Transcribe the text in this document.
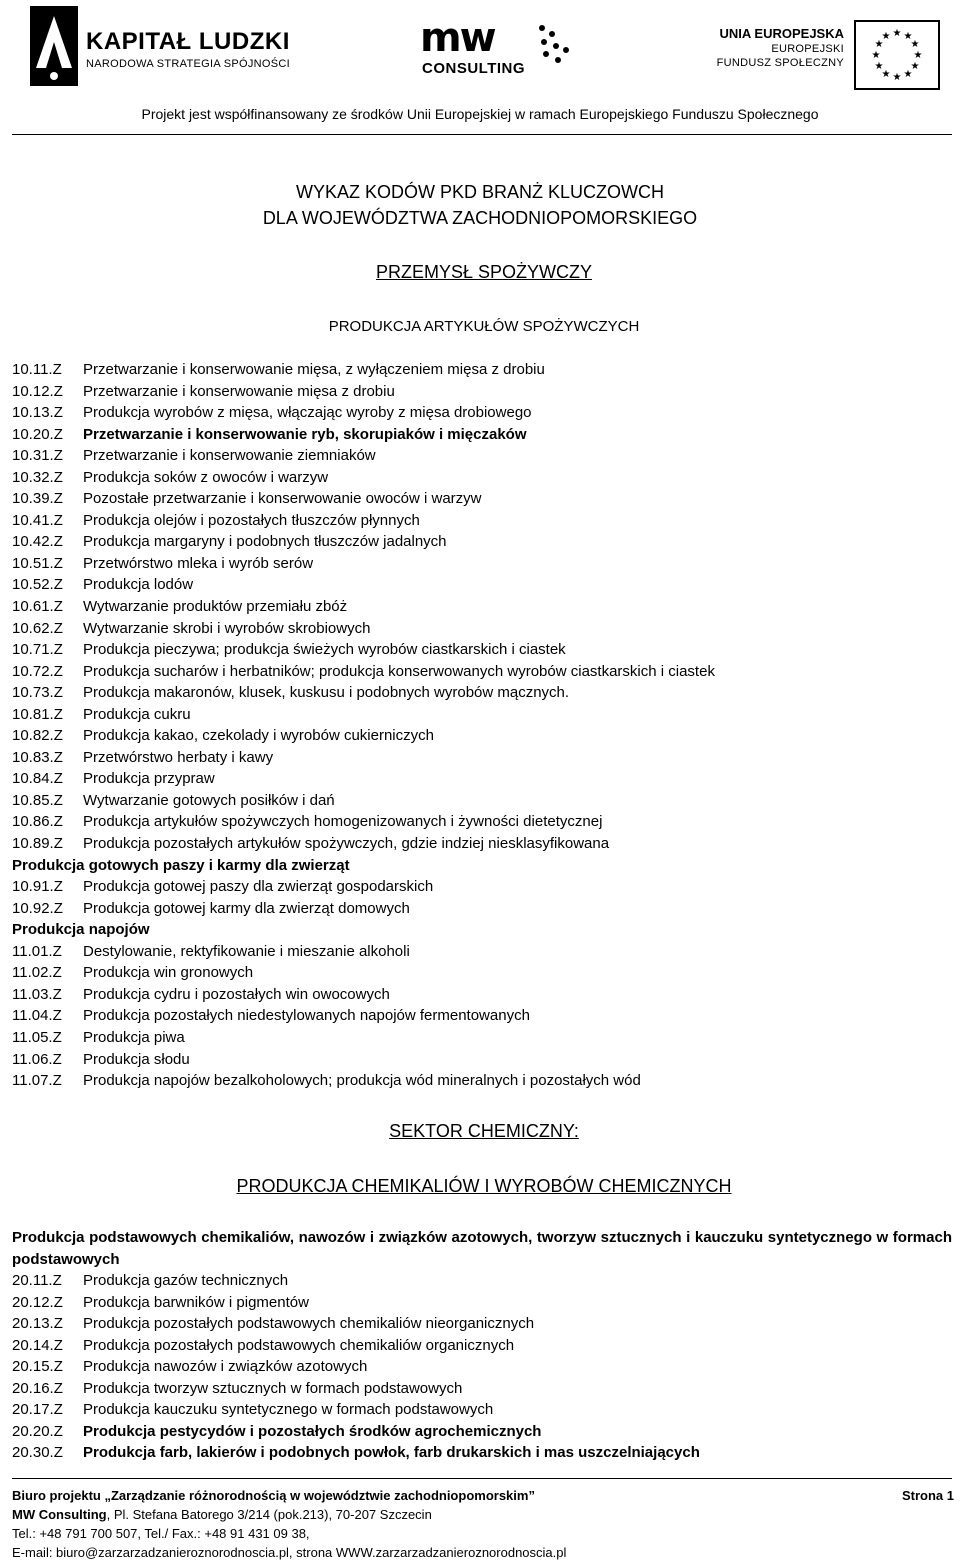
KAPITAŁ LUDZKI
NARODOWA STRATEGIA SPÓJNOŚCI
mw
CONSULTING
UNIA EUROPEJSKA
EUROPEJSKI
FUNDUSZ SPOŁECZNY
★ ★
★
★
★
★
★
★
★
★
★
★
Projekt jest współfinansowany ze środków Unii Europejskiej w ramach Europejskiego Funduszu Społecznego
WYKAZ KODÓW PKD BRANŻ KLUCZOWCH
DLA WOJEWÓDZTWA ZACHODNIOPOMORSKIEGO
PRZEMYSŁ SPOŻYWCZY
PRODUKCJA ARTYKUŁÓW SPOŻYWCZYCH
10.11.Z Przetwarzanie i konserwowanie mięsa, z wyłączeniem mięsa z drobiu
10.12.Z Przetwarzanie i konserwowanie mięsa z drobiu
10.13.Z Produkcja wyrobów z mięsa, włączając wyroby z mięsa drobiowego
10.20.Z Przetwarzanie i konserwowanie ryb, skorupiaków i mięczaków
10.31.Z Przetwarzanie i konserwowanie ziemniaków
10.32.Z Produkcja soków z owoców i warzyw
10.39.Z Pozostałe przetwarzanie i konserwowanie owoców i warzyw
10.41.Z Produkcja olejów i pozostałych tłuszczów płynnych
10.42.Z Produkcja margaryny i podobnych tłuszczów jadalnych
10.51.Z Przetwórstwo mleka i wyrób serów
10.52.Z Produkcja lodów
10.61.Z Wytwarzanie produktów przemiału zbóż
10.62.Z Wytwarzanie skrobi i wyrobów skrobiowych
10.71.Z Produkcja pieczywa; produkcja świeżych wyrobów ciastkarskich i ciastek
10.72.Z Produkcja sucharów i herbatników; produkcja konserwowanych wyrobów ciastkarskich i ciastek
10.73.Z Produkcja makaronów, klusek, kuskusu i podobnych wyrobów mącznych.
10.81.Z Produkcja cukru
10.82.Z Produkcja kakao, czekolady i wyrobów cukierniczych
10.83.Z Przetwórstwo herbaty i kawy
10.84.Z Produkcja przypraw
10.85.Z Wytwarzanie gotowych posiłków i dań
10.86.Z Produkcja artykułów spożywczych homogenizowanych i żywności dietetycznej
10.89.Z Produkcja pozostałych artykułów spożywczych, gdzie indziej niesklasyfikowana
Produkcja gotowych paszy i karmy dla zwierząt
10.91.Z Produkcja gotowej paszy dla zwierząt gospodarskich
10.92.Z Produkcja gotowej karmy dla zwierząt domowych
Produkcja napojów
11.01.Z Destylowanie, rektyfikowanie i mieszanie alkoholi
11.02.Z Produkcja win gronowych
11.03.Z Produkcja cydru i pozostałych win owocowych
11.04.Z Produkcja pozostałych niedestylowanych napojów fermentowanych
11.05.Z Produkcja piwa
11.06.Z Produkcja słodu
11.07.Z Produkcja napojów bezalkoholowych; produkcja wód mineralnych i pozostałych wód
SEKTOR CHEMICZNY:
PRODUKCJA CHEMIKALIÓW I WYROBÓW CHEMICZNYCH
Produkcja podstawowych chemikaliów, nawozów i związków azotowych, tworzyw sztucznych i kauczuku syntetycznego w formach podstawowych
20.11.Z Produkcja gazów technicznych
20.12.Z Produkcja barwników i pigmentów
20.13.Z Produkcja pozostałych podstawowych chemikaliów nieorganicznych
20.14.Z Produkcja pozostałych podstawowych chemikaliów organicznych
20.15.Z Produkcja nawozów i związków azotowych
20.16.Z Produkcja tworzyw sztucznych w formach podstawowych
20.17.Z Produkcja kauczuku syntetycznego w formach podstawowych
20.20.Z Produkcja pestycydów i pozostałych środków agrochemicznych
20.30.Z Produkcja farb, lakierów i podobnych powłok, farb drukarskich i mas uszczelniających
Biuro projektu „Zarządzanie różnorodnością w województwie zachodniopomorskim”	Strona 1
MW Consulting, Pl. Stefana Batorego 3/214 (pok.213), 70-207 Szczecin
Tel.: +48 791 700 507, Tel./ Fax.: +48 91 431 09 38,
E-mail: biuro@zarzarzadzanieroznorodnoscia.pl, strona WWW.zarzarzadzanieroznorodnoscia.pl
